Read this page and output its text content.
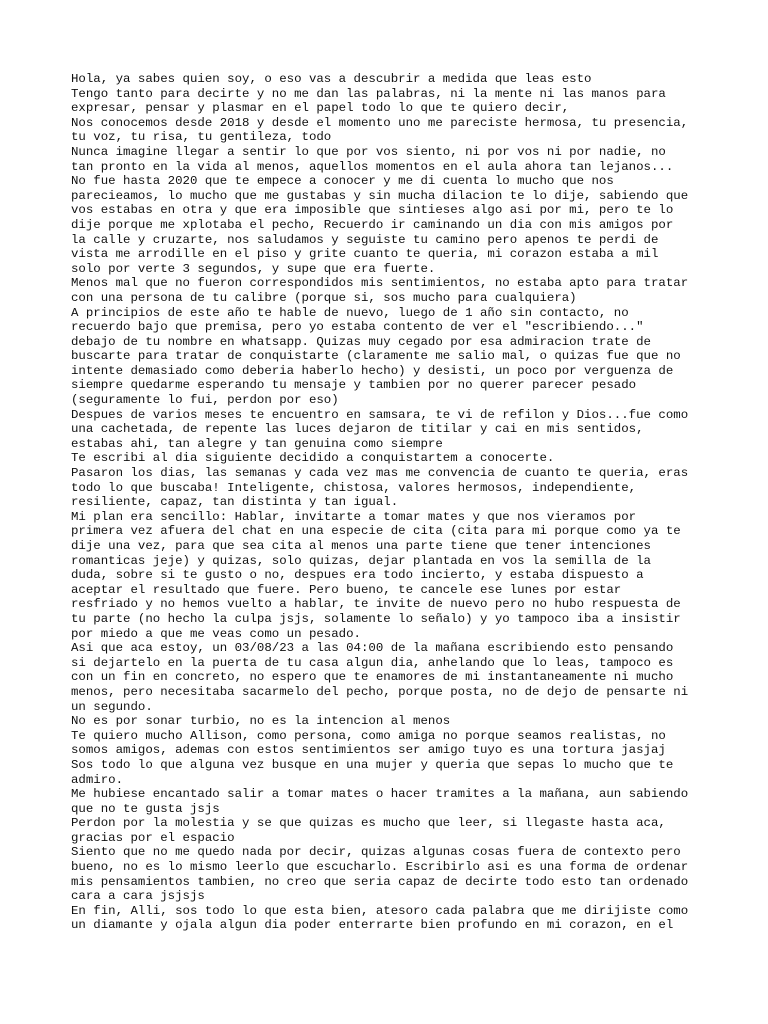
Hola, ya sabes quien soy, o eso vas a descubrir a medida que leas esto
Tengo tanto para decirte y no me dan las palabras, ni la mente ni las manos para
expresar, pensar y plasmar en el papel todo lo que te quiero decir,
Nos conocemos desde 2018 y desde el momento uno me pareciste hermosa, tu presencia,
tu voz, tu risa, tu gentileza, todo
Nunca imagine llegar a sentir lo que por vos siento, ni por vos ni por nadie, no
tan pronto en la vida al menos, aquellos momentos en el aula ahora tan lejanos...
No fue hasta 2020 que te empece a conocer y me di cuenta lo mucho que nos
parecieamos, lo mucho que me gustabas y sin mucha dilacion te lo dije, sabiendo que
vos estabas en otra y que era imposible que sintieses algo asi por mi, pero te lo
dije porque me xplotaba el pecho, Recuerdo ir caminando un dia con mis amigos por
la calle y cruzarte, nos saludamos y seguiste tu camino pero apenos te perdi de
vista me arrodille en el piso y grite cuanto te queria, mi corazon estaba a mil
solo por verte 3 segundos, y supe que era fuerte.
Menos mal que no fueron correspondidos mis sentimientos, no estaba apto para tratar
con una persona de tu calibre (porque si, sos mucho para cualquiera)
A principios de este año te hable de nuevo, luego de 1 año sin contacto, no
recuerdo bajo que premisa, pero yo estaba contento de ver el "escribiendo..."
debajo de tu nombre en whatsapp. Quizas muy cegado por esa admiracion trate de
buscarte para tratar de conquistarte (claramente me salio mal, o quizas fue que no
intente demasiado como deberia haberlo hecho) y desisti, un poco por verguenza de
siempre quedarme esperando tu mensaje y tambien por no querer parecer pesado
(seguramente lo fui, perdon por eso)
Despues de varios meses te encuentro en samsara, te vi de refilon y Dios...fue como
una cachetada, de repente las luces dejaron de titilar y cai en mis sentidos,
estabas ahi, tan alegre y tan genuina como siempre
Te escribi al dia siguiente decidido a conquistartem a conocerte.
Pasaron los dias, las semanas y cada vez mas me convencia de cuanto te queria, eras
todo lo que buscaba! Inteligente, chistosa, valores hermosos, independiente,
resiliente, capaz, tan distinta y tan igual.
Mi plan era sencillo: Hablar, invitarte a tomar mates y que nos vieramos por
primera vez afuera del chat en una especie de cita (cita para mi porque como ya te
dije una vez, para que sea cita al menos una parte tiene que tener intenciones
romanticas jeje) y quizas, solo quizas, dejar plantada en vos la semilla de la
duda, sobre si te gusto o no, despues era todo incierto, y estaba dispuesto a
aceptar el resultado que fuere. Pero bueno, te cancele ese lunes por estar
resfriado y no hemos vuelto a hablar, te invite de nuevo pero no hubo respuesta de
tu parte (no hecho la culpa jsjs, solamente lo señalo) y yo tampoco iba a insistir
por miedo a que me veas como un pesado.
Asi que aca estoy, un 03/08/23 a las 04:00 de la mañana escribiendo esto pensando
si dejartelo en la puerta de tu casa algun dia, anhelando que lo leas, tampoco es
con un fin en concreto, no espero que te enamores de mi instantaneamente ni mucho
menos, pero necesitaba sacarmelo del pecho, porque posta, no de dejo de pensarte ni
un segundo.
No es por sonar turbio, no es la intencion al menos
Te quiero mucho Allison, como persona, como amiga no porque seamos realistas, no
somos amigos, ademas con estos sentimientos ser amigo tuyo es una tortura jasjaj
Sos todo lo que alguna vez busque en una mujer y queria que sepas lo mucho que te
admiro.
Me hubiese encantado salir a tomar mates o hacer tramites a la mañana, aun sabiendo
que no te gusta jsjs
Perdon por la molestia y se que quizas es mucho que leer, si llegaste hasta aca,
gracias por el espacio
Siento que no me quedo nada por decir, quizas algunas cosas fuera de contexto pero
bueno, no es lo mismo leerlo que escucharlo. Escribirlo asi es una forma de ordenar
mis pensamientos tambien, no creo que seria capaz de decirte todo esto tan ordenado
cara a cara jsjsjs
En fin, Alli, sos todo lo que esta bien, atesoro cada palabra que me dirijiste como
un diamante y ojala algun dia poder enterrarte bien profundo en mi corazon, en el
